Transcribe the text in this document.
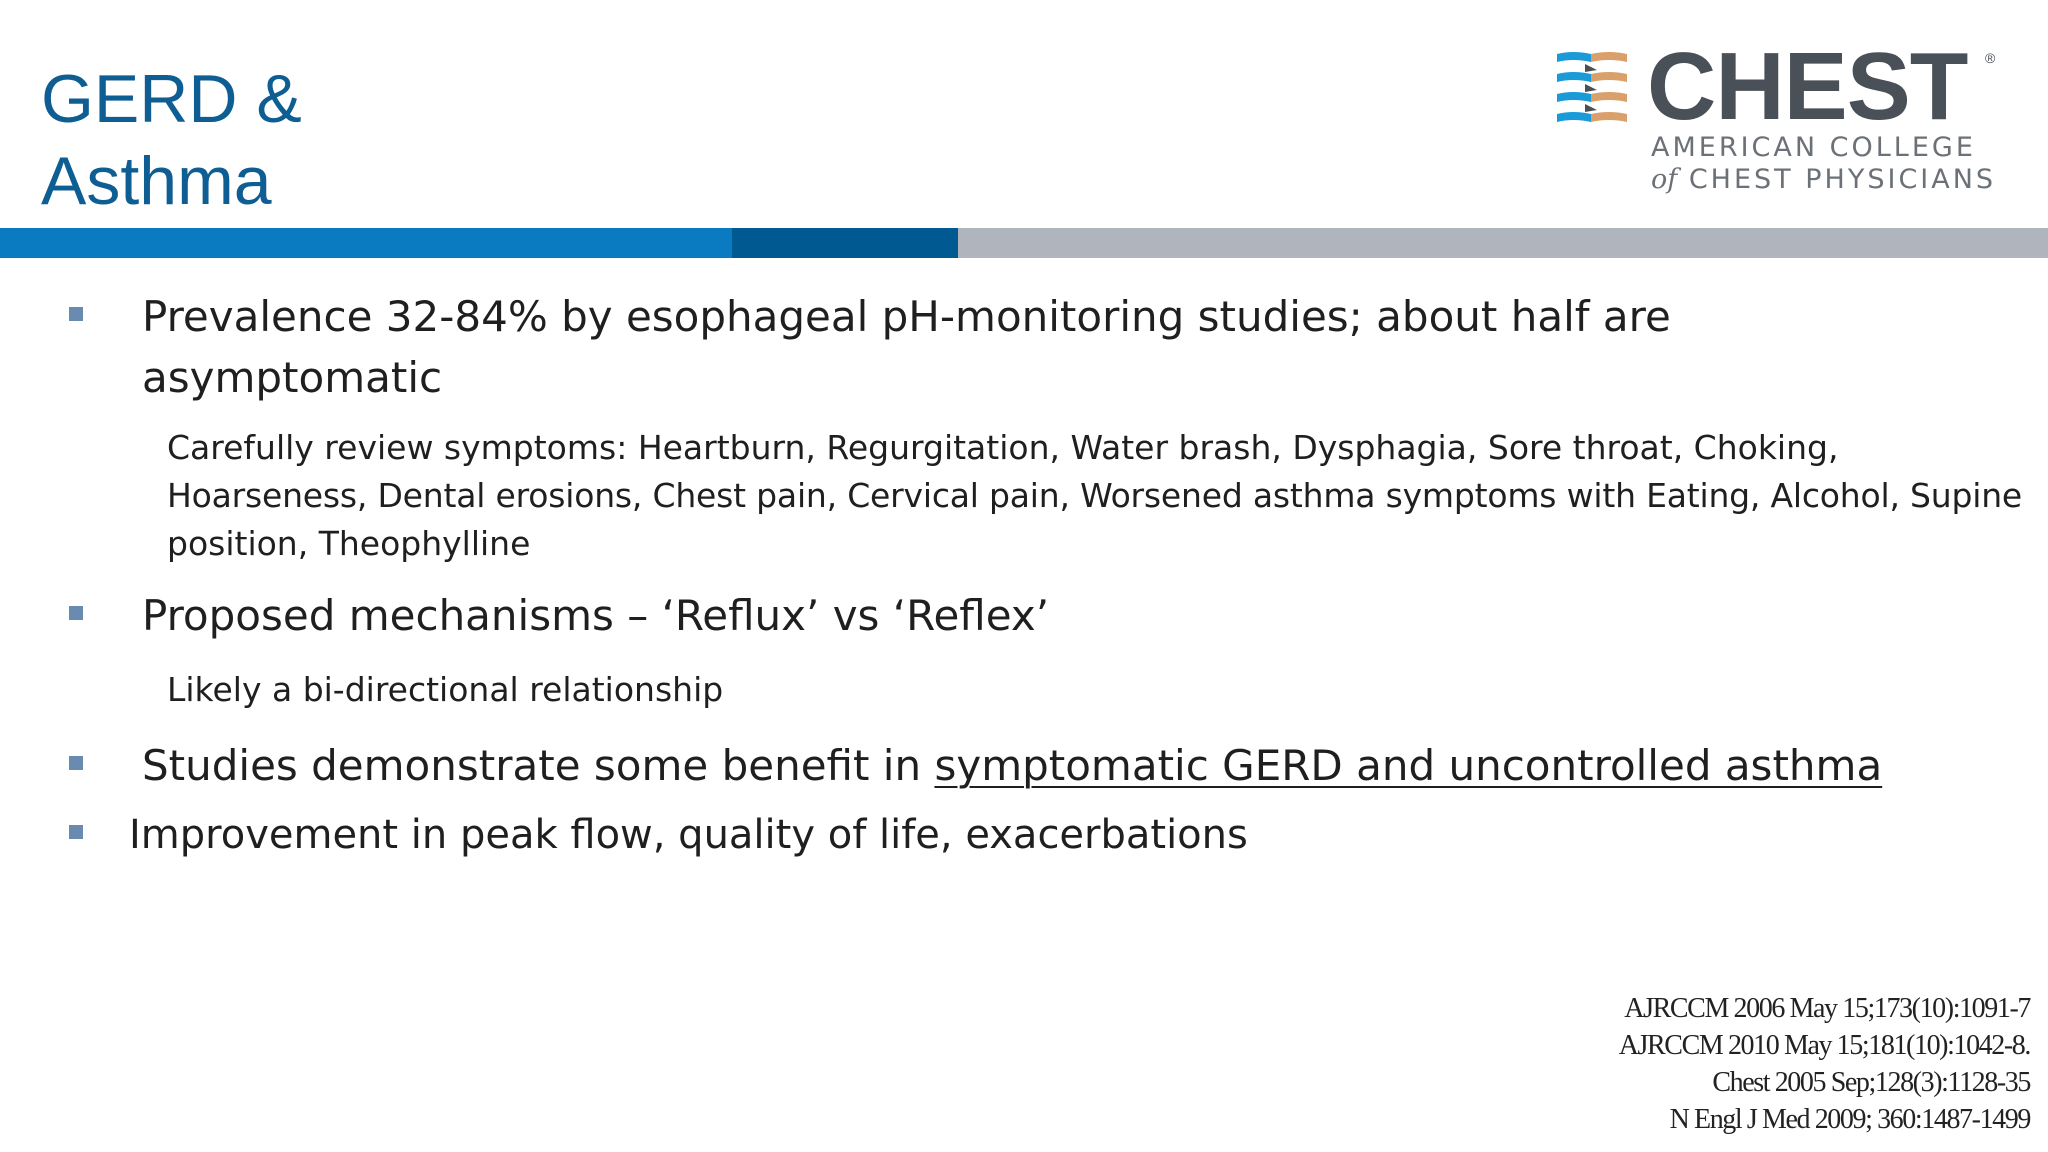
GERD &
Asthma
CHEST ®
AMERICAN COLLEGE
of CHEST PHYSICIANS
Prevalence 32-84% by esophageal pH-monitoring studies; about half are
asymptomatic
Carefully review symptoms: Heartburn, Regurgitation, Water brash, Dysphagia, Sore throat, Choking,
Hoarseness, Dental erosions, Chest pain, Cervical pain, Worsened asthma symptoms with Eating, Alcohol, Supine
position, Theophylline
Proposed mechanisms – ‘Reflux’ vs ‘Reflex’
Likely a bi-directional relationship
Studies demonstrate some benefit in symptomatic GERD and uncontrolled asthma
Improvement in peak flow, quality of life, exacerbations
AJRCCM 2006 May 15;173(10):1091-7
AJRCCM 2010 May 15;181(10):1042-8.
Chest 2005 Sep;128(3):1128-35
N Engl J Med 2009; 360:1487-1499
